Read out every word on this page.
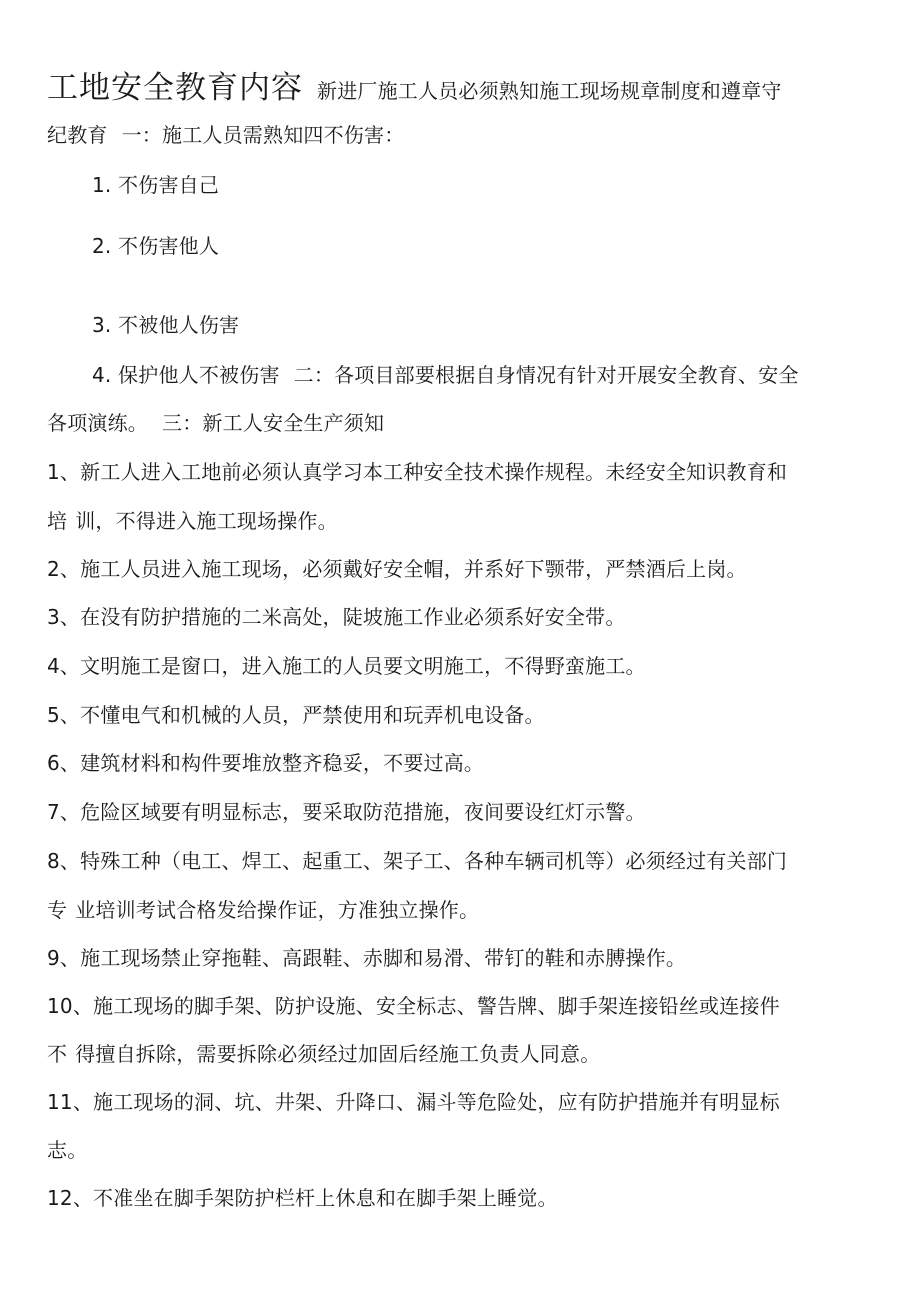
工地安全教育内容 新进厂施工人员必须熟知施工现场规章制度和遵章守
纪教育 一：施工人员需熟知四不伤害：
1. 不伤害自己
2. 不伤害他人
3. 不被他人伤害
4. 保护他人不被伤害 二：各项目部要根据自身情况有针对开展安全教育、安全
各项演练。 三：新工人安全生产须知
1、新工人进入工地前必须认真学习本工种安全技术操作规程。未经安全知识教育和
培 训，不得进入施工现场操作。
2、施工人员进入施工现场，必须戴好安全帽，并系好下颚带，严禁酒后上岗。
3、在没有防护措施的二米高处，陡坡施工作业必须系好安全带。
4、文明施工是窗口，进入施工的人员要文明施工，不得野蛮施工。
5、不懂电气和机械的人员，严禁使用和玩弄机电设备。
6、建筑材料和构件要堆放整齐稳妥，不要过高。
7、危险区域要有明显标志，要采取防范措施，夜间要设红灯示警。
8、特殊工种（电工、焊工、起重工、架子工、各种车辆司机等）必须经过有关部门
专 业培训考试合格发给操作证，方准独立操作。
9、施工现场禁止穿拖鞋、高跟鞋、赤脚和易滑、带钉的鞋和赤膊操作。
10、施工现场的脚手架、防护设施、安全标志、警告牌、脚手架连接铅丝或连接件
不 得擅自拆除，需要拆除必须经过加固后经施工负责人同意。
11、施工现场的洞、坑、井架、升降口、漏斗等危险处，应有防护措施并有明显标
志。
12、不准坐在脚手架防护栏杆上休息和在脚手架上睡觉。
